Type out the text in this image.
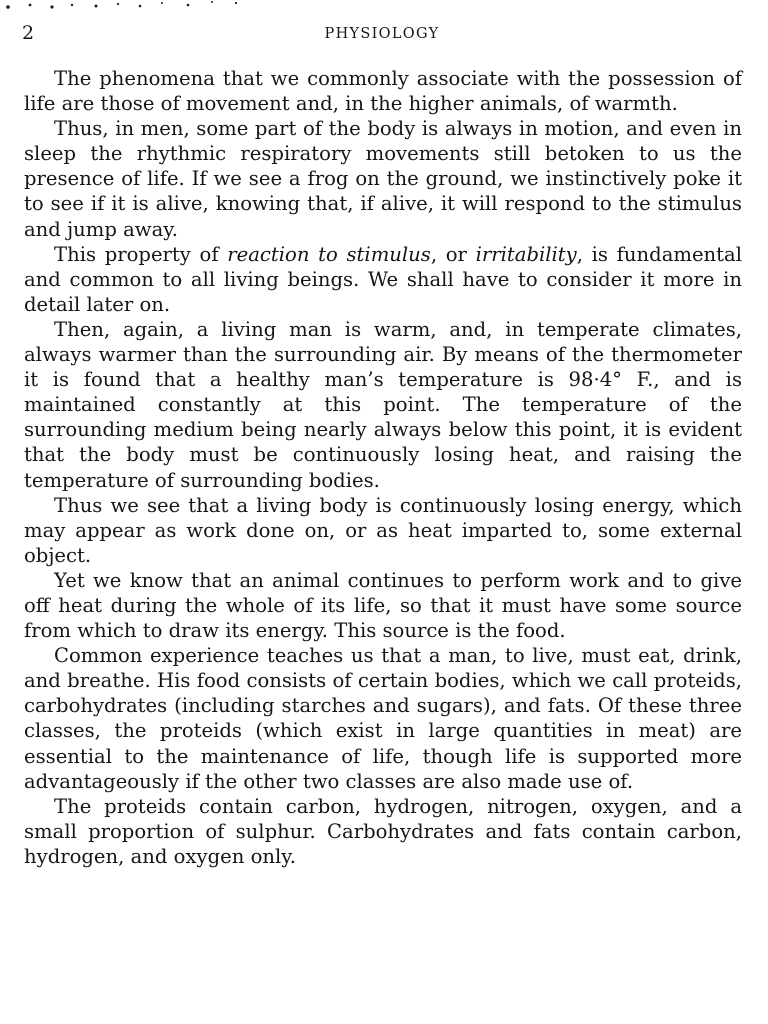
2	PHYSIOLOGY

The phenomena that we commonly associate with the possession of life are those of movement and, in the higher animals, of warmth.

Thus, in men, some part of the body is always in motion, and even in sleep the rhythmic respiratory movements still betoken to us the presence of life. If we see a frog on the ground, we instinctively poke it to see if it is alive, knowing that, if alive, it will respond to the stimulus and jump away.

This property of reaction to stimulus, or irritability, is fundamental and common to all living beings. We shall have to consider it more in detail later on.

Then, again, a living man is warm, and, in temperate climates, always warmer than the surrounding air. By means of the thermometer it is found that a healthy man’s temperature is 98·4° F., and is maintained constantly at this point. The temperature of the surrounding medium being nearly always below this point, it is evident that the body must be continuously losing heat, and raising the temperature of surrounding bodies.

Thus we see that a living body is continuously losing energy, which may appear as work done on, or as heat imparted to, some external object.

Yet we know that an animal continues to perform work and to give off heat during the whole of its life, so that it must have some source from which to draw its energy. This source is the food.

Common experience teaches us that a man, to live, must eat, drink, and breathe. His food consists of certain bodies, which we call proteids, carbohydrates (including starches and sugars), and fats. Of these three classes, the proteids (which exist in large quantities in meat) are essential to the maintenance of life, though life is supported more advantageously if the other two classes are also made use of.

The proteids contain carbon, hydrogen, nitrogen, oxygen, and a small proportion of sulphur. Carbohydrates and fats contain carbon, hydrogen, and oxygen only.
